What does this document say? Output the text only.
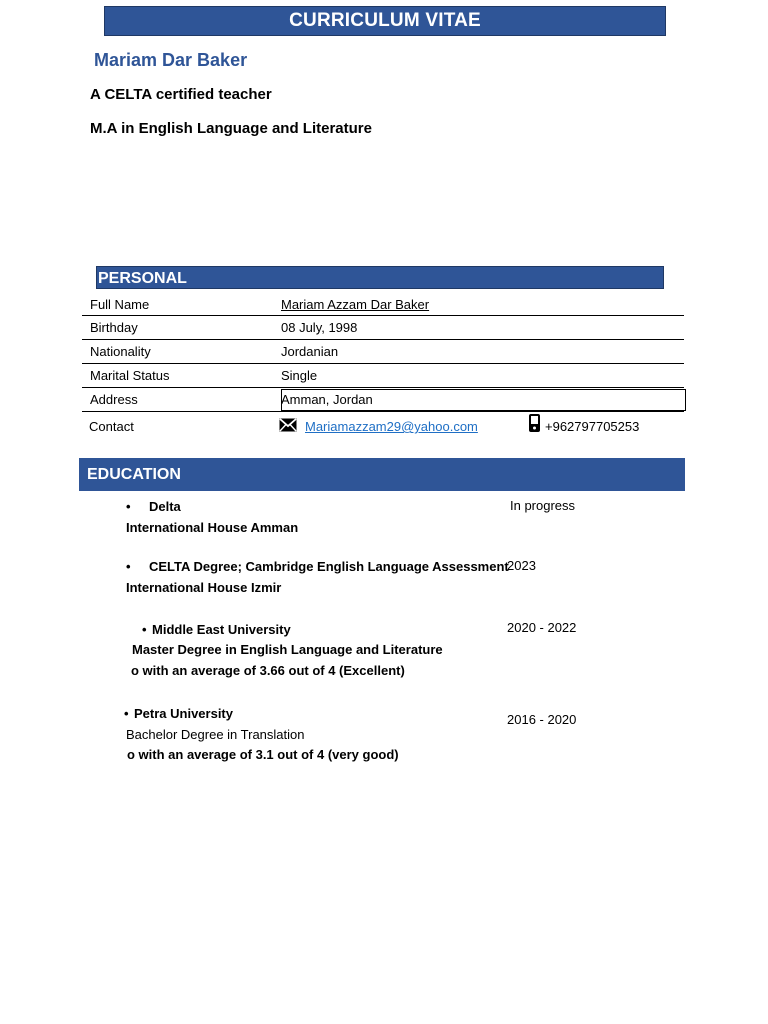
CURRICULUM VITAE
Mariam Dar Baker
A CELTA certified teacher
M.A in English Language and Literature
PERSONAL
Full Name	Mariam Azzam Dar Baker
Birthday	08 July, 1998
Nationality	Jordanian
Marital Status	Single
Address	Amman, Jordan
Contact	Mariamazzam29@yahoo.com	+962797705253
EDUCATION
• Delta
International House Amman
In progress
• CELTA Degree; Cambridge English Language Assessment
International House Izmir
2023
• Middle East University
Master Degree in English Language and Literature
o with an average of 3.66 out of 4 (Excellent)
2020 - 2022
• Petra University
Bachelor Degree in Translation
o with an average of 3.1 out of 4 (very good)
2016 - 2020
